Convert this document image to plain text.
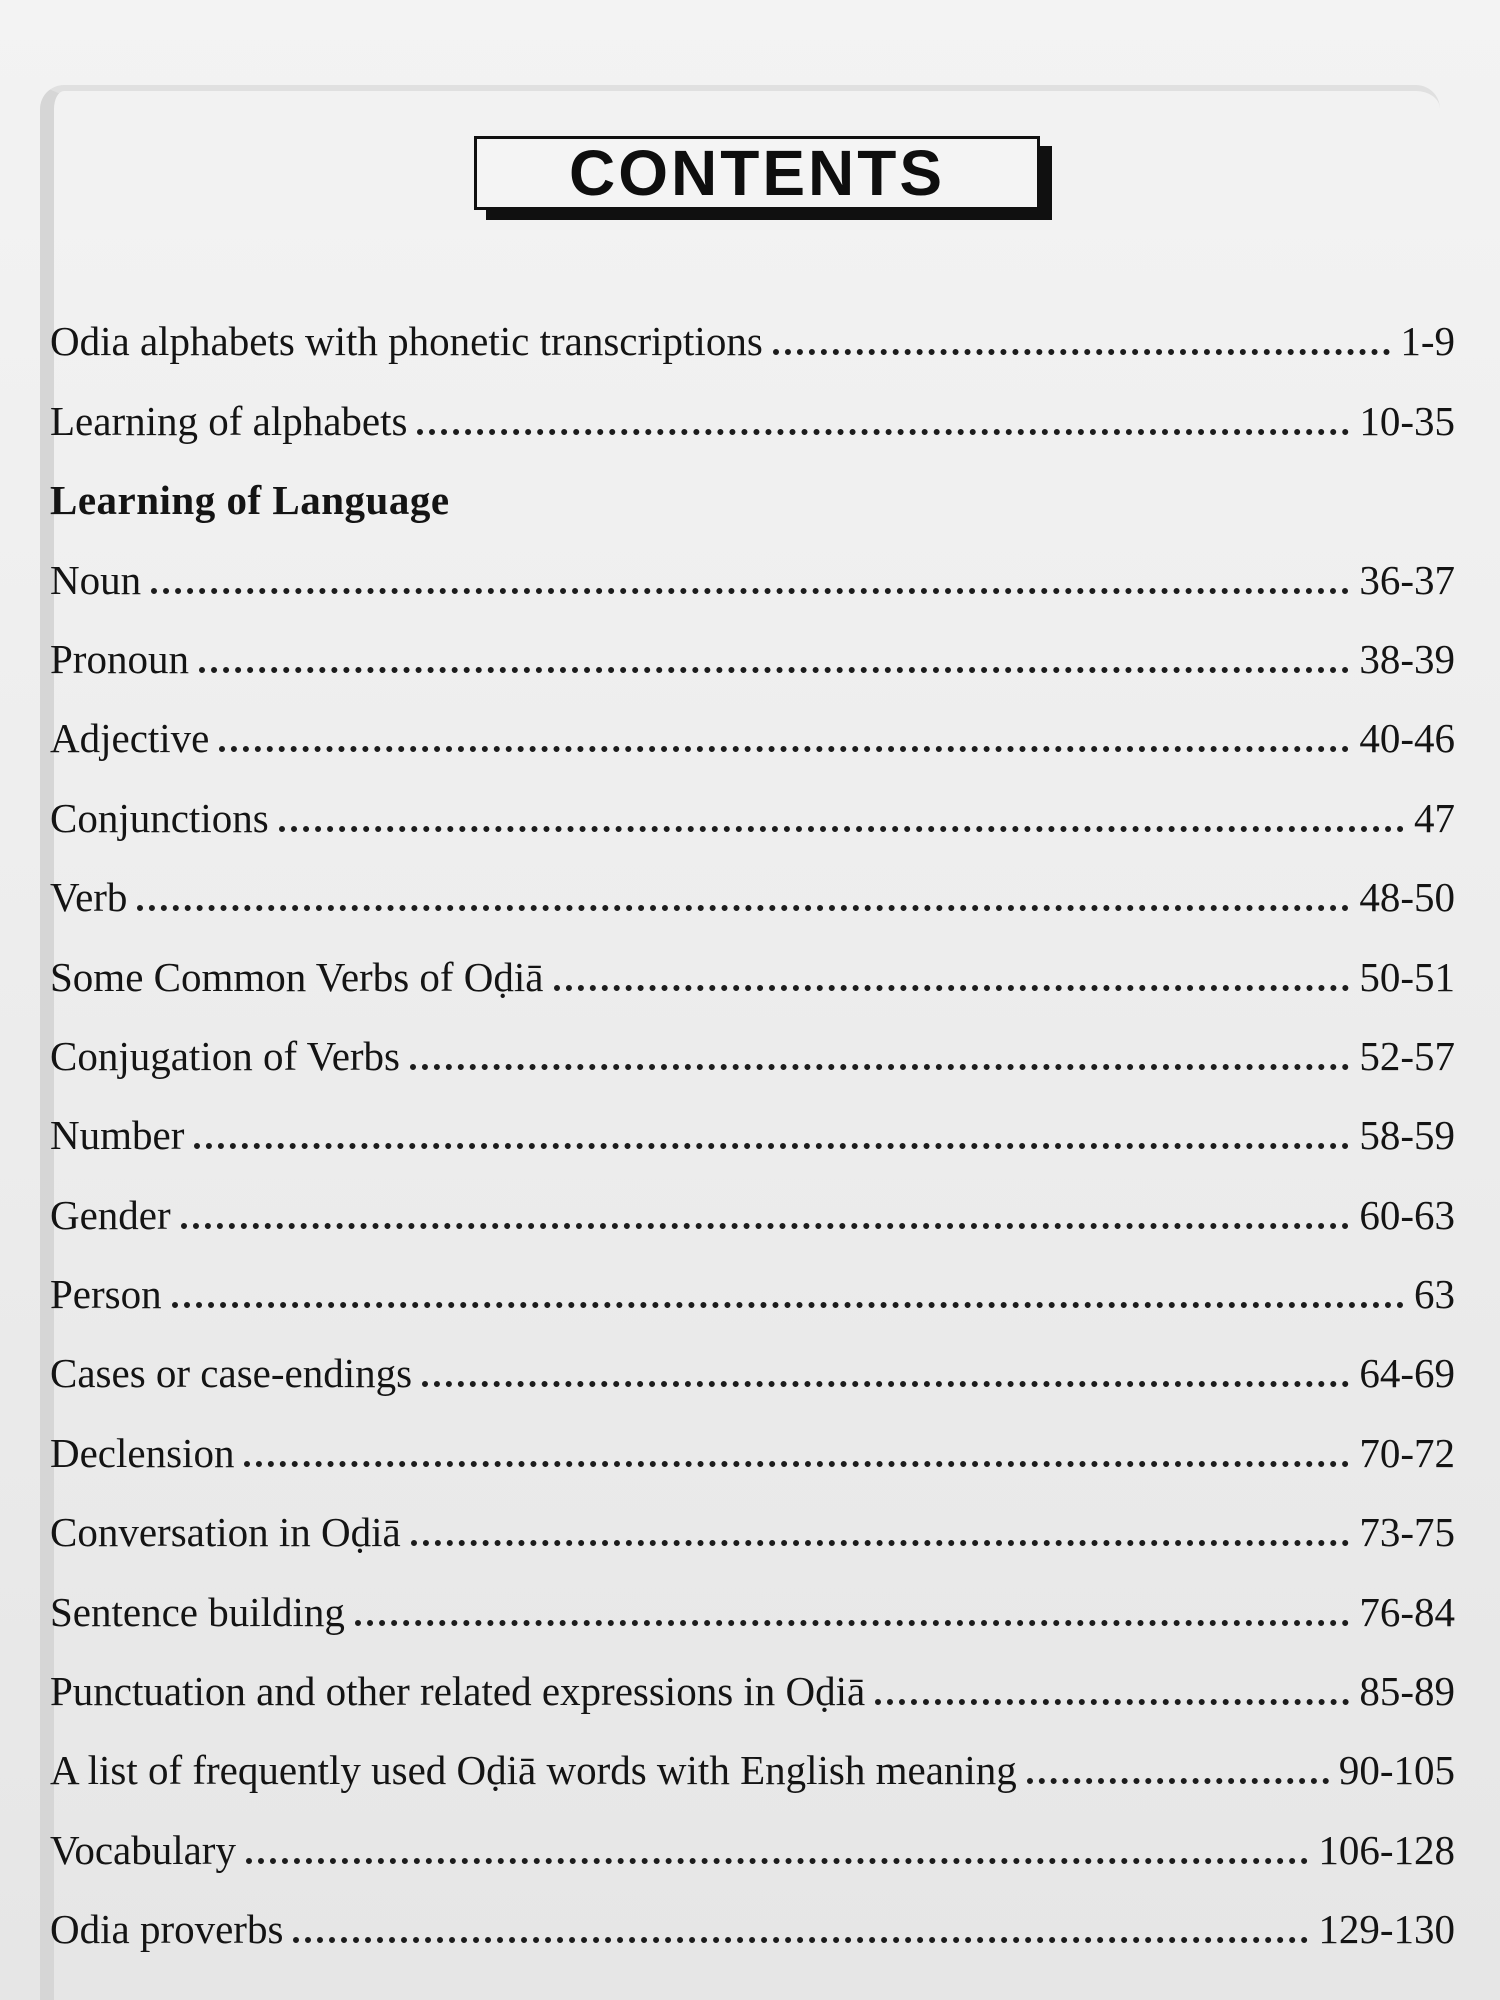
CONTENTS
Odia alphabets with phonetic transcriptions	1-9
Learning of alphabets	10-35
Learning of Language
Noun	36-37
Pronoun	38-39
Adjective	40-46
Conjunctions	47
Verb	48-50
Some Common Verbs of Oḍiā	50-51
Conjugation of Verbs	52-57
Number	58-59
Gender	60-63
Person	63
Cases or case-endings	64-69
Declension	70-72
Conversation in Oḍiā	73-75
Sentence building	76-84
Punctuation and other related expressions in Oḍiā	85-89
A list of frequently used Oḍiā words with English meaning	90-105
Vocabulary	106-128
Odia proverbs	129-130
